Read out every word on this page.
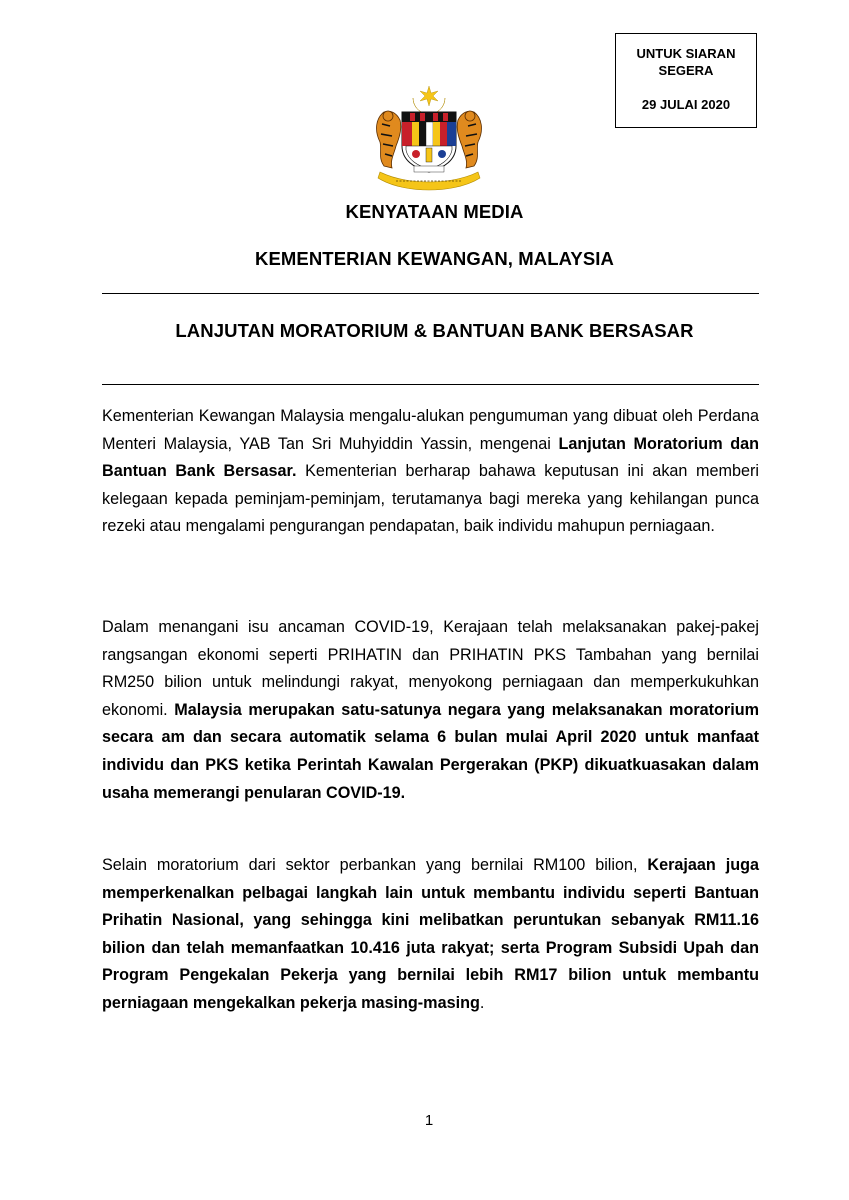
UNTUK SIARAN
SEGERA
29 JULAI 2020
KENYATAAN MEDIA
KEMENTERIAN KEWANGAN, MALAYSIA
LANJUTAN MORATORIUM & BANTUAN BANK BERSASAR
Kementerian Kewangan Malaysia mengalu-alukan pengumuman yang dibuat oleh Perdana Menteri Malaysia, YAB Tan Sri Muhyiddin Yassin, mengenai Lanjutan Moratorium dan Bantuan Bank Bersasar. Kementerian berharap bahawa keputusan ini akan memberi kelegaan kepada peminjam-peminjam, terutamanya bagi mereka yang kehilangan punca rezeki atau mengalami pengurangan pendapatan, baik individu mahupun perniagaan.
Dalam menangani isu ancaman COVID-19, Kerajaan telah melaksanakan pakej-pakej rangsangan ekonomi seperti PRIHATIN dan PRIHATIN PKS Tambahan yang bernilai RM250 bilion untuk melindungi rakyat, menyokong perniagaan dan memperkukuhkan ekonomi. Malaysia merupakan satu-satunya negara yang melaksanakan moratorium secara am dan secara automatik selama 6 bulan mulai April 2020 untuk manfaat individu dan PKS ketika Perintah Kawalan Pergerakan (PKP) dikuatkuasakan dalam usaha memerangi penularan COVID-19.
Selain moratorium dari sektor perbankan yang bernilai RM100 bilion, Kerajaan juga memperkenalkan pelbagai langkah lain untuk membantu individu seperti Bantuan Prihatin Nasional, yang sehingga kini melibatkan peruntukan sebanyak RM11.16 bilion dan telah memanfaatkan 10.416 juta rakyat; serta Program Subsidi Upah dan Program Pengekalan Pekerja yang bernilai lebih RM17 bilion untuk membantu perniagaan mengekalkan pekerja masing-masing.
1
